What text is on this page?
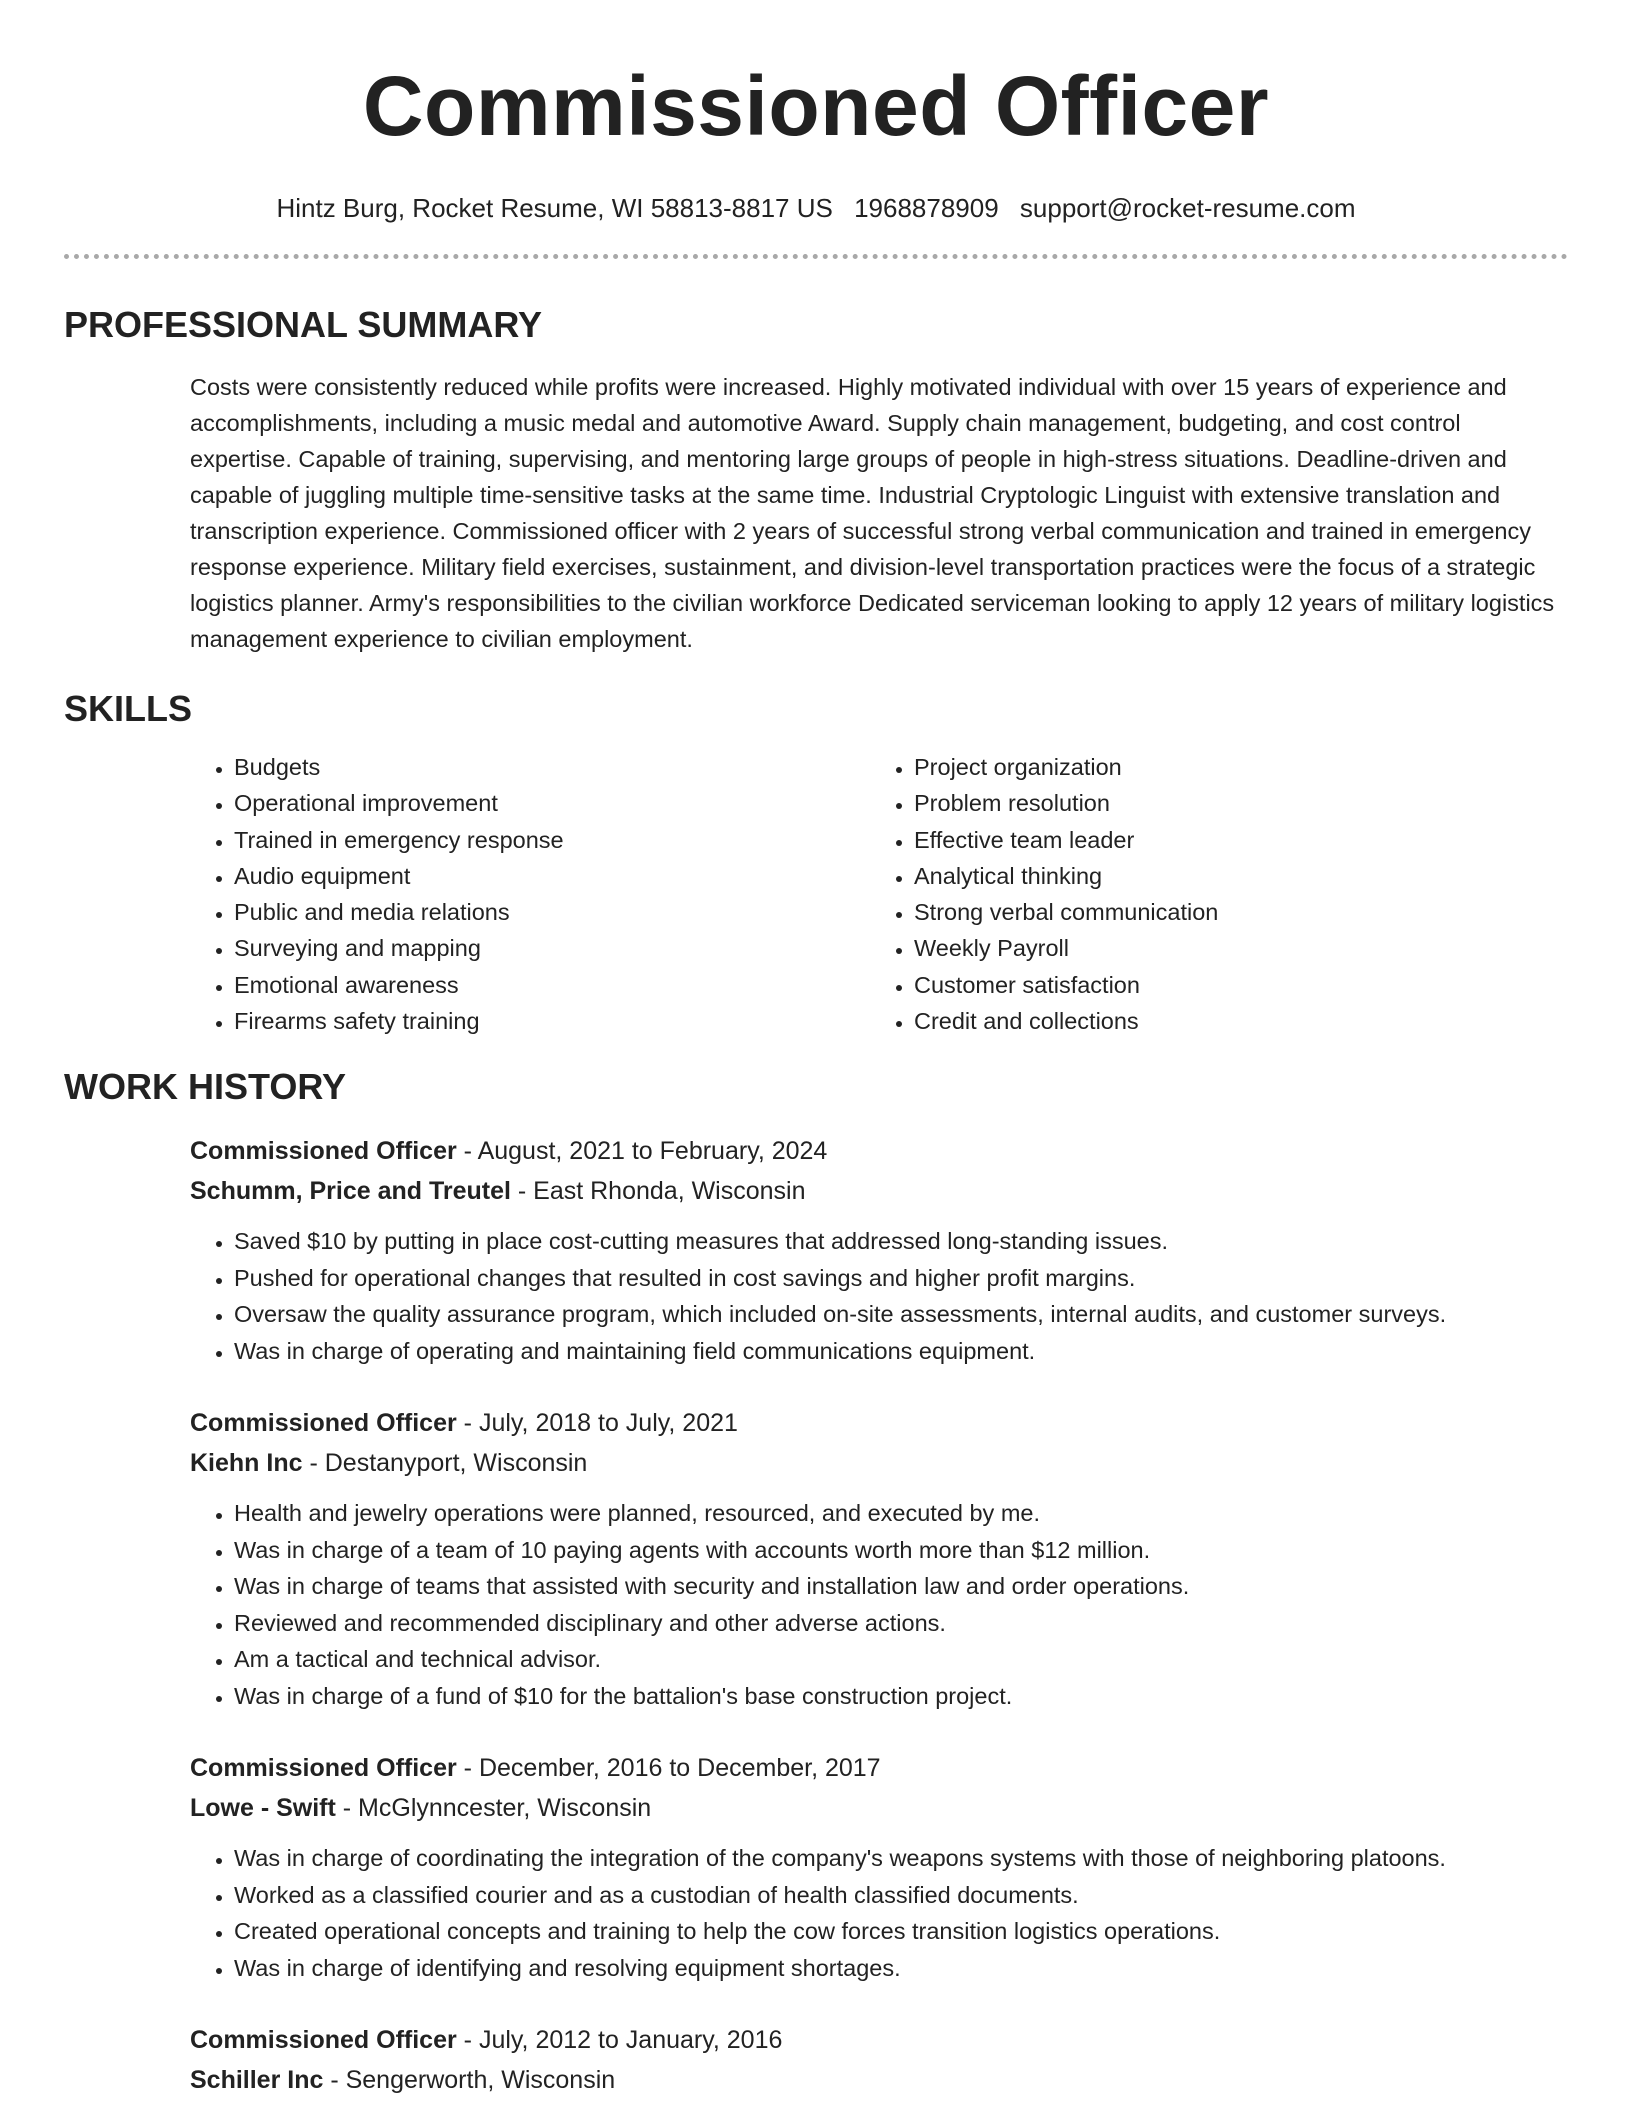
Commissioned Officer
Hintz Burg, Rocket Resume, WI 58813-8817 US 1968878909 support@rocket-resume.com
PROFESSIONAL SUMMARY

Costs were consistently reduced while profits were increased. Highly motivated individual with over 15 years of experience and accomplishments, including a music medal and automotive Award. Supply chain management, budgeting, and cost control expertise. Capable of training, supervising, and mentoring large groups of people in high-stress situations. Deadline-driven and capable of juggling multiple time-sensitive tasks at the same time. Industrial Cryptologic Linguist with extensive translation and transcription experience. Commissioned officer with 2 years of successful strong verbal communication and trained in emergency response experience. Military field exercises, sustainment, and division-level transportation practices were the focus of a strategic logistics planner. Army's responsibilities to the civilian workforce Dedicated serviceman looking to apply 12 years of military logistics management experience to civilian employment.

SKILLS
• Budgets
• Operational improvement
• Trained in emergency response
• Audio equipment
• Public and media relations
• Surveying and mapping
• Emotional awareness
• Firearms safety training
• Project organization
• Problem resolution
• Effective team leader
• Analytical thinking
• Strong verbal communication
• Weekly Payroll
• Customer satisfaction
• Credit and collections
WORK HISTORY
Commissioned Officer - August, 2021 to February, 2024
Schumm, Price and Treutel - East Rhonda, Wisconsin
• Saved $10 by putting in place cost-cutting measures that addressed long-standing issues.
• Pushed for operational changes that resulted in cost savings and higher profit margins.
• Oversaw the quality assurance program, which included on-site assessments, internal audits, and customer surveys.
• Was in charge of operating and maintaining field communications equipment.
Commissioned Officer - July, 2018 to July, 2021
Kiehn Inc - Destanyport, Wisconsin
• Health and jewelry operations were planned, resourced, and executed by me.
• Was in charge of a team of 10 paying agents with accounts worth more than $12 million.
• Was in charge of teams that assisted with security and installation law and order operations.
• Reviewed and recommended disciplinary and other adverse actions.
• Am a tactical and technical advisor.
• Was in charge of a fund of $10 for the battalion's base construction project.
Commissioned Officer - December, 2016 to December, 2017
Lowe - Swift - McGlynncester, Wisconsin
• Was in charge of coordinating the integration of the company's weapons systems with those of neighboring platoons.
• Worked as a classified courier and as a custodian of health classified documents.
• Created operational concepts and training to help the cow forces transition logistics operations.
• Was in charge of identifying and resolving equipment shortages.
Commissioned Officer - July, 2012 to January, 2016
Schiller Inc - Sengerworth, Wisconsin
